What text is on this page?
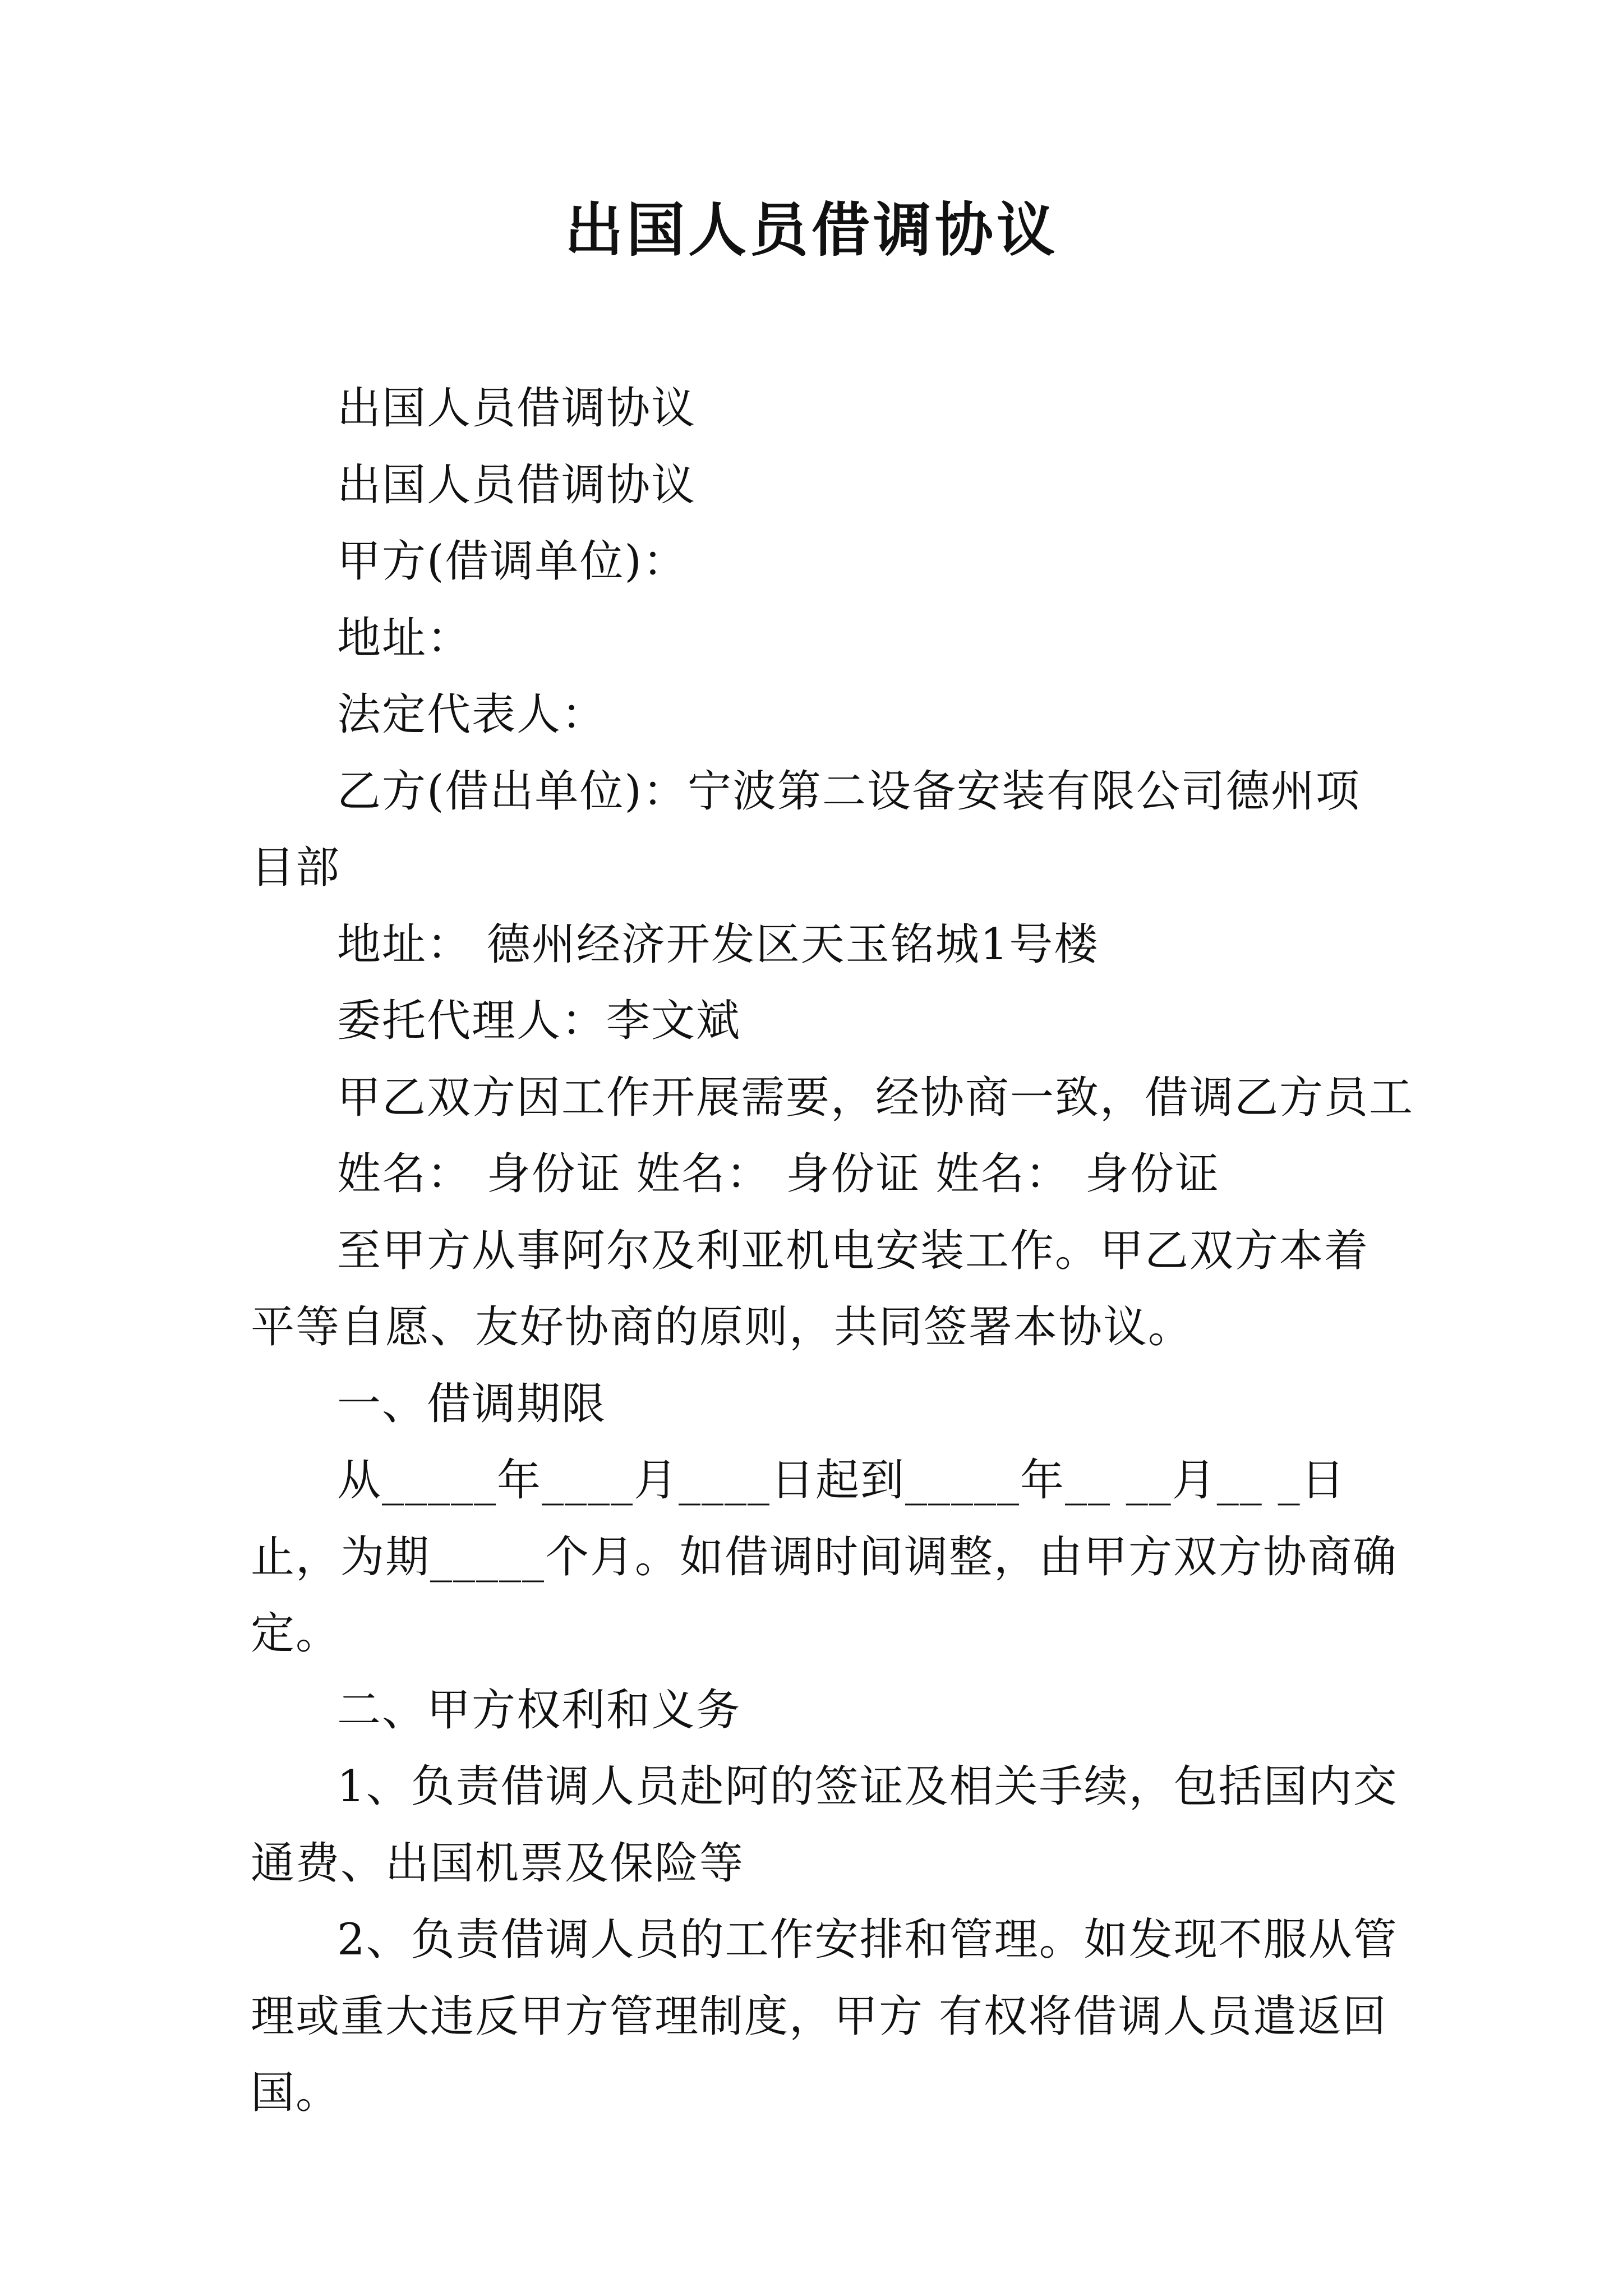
出国人员借调协议

出国人员借调协议

出国人员借调协议

甲方(借调单位)：

地址：

法定代表人：

乙方(借出单位)：宁波第二设备安装有限公司德州项目部

地址： 德州经济开发区天玉铭城1号楼

委托代理人：李文斌

甲乙双方因工作开展需要，经协商一致，借调乙方员工

姓名： 身份证 姓名： 身份证 姓名： 身份证

至甲方从事阿尔及利亚机电安装工作。甲乙双方本着平等自愿、友好协商的原则，共同签署本协议。

一、借调期限

从_____年____月____日起到_____年__ __月__ _日止，为期_____个月。如借调时间调整，由甲方双方协商确定。

二、甲方权利和义务

1、负责借调人员赴阿的签证及相关手续，包括国内交通费、出国机票及保险等

2、负责借调人员的工作安排和管理。如发现不服从管理或重大违反甲方管理制度，甲方 有权将借调人员遣返回国。
